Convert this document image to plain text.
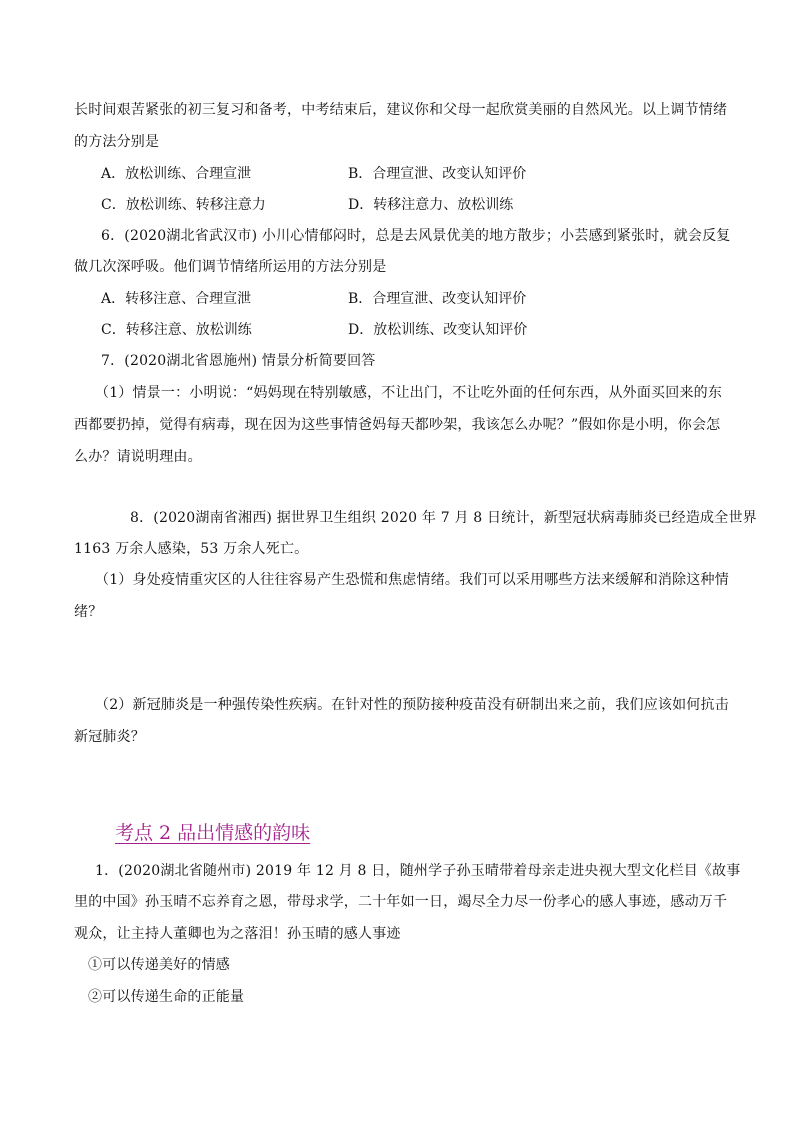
长时间艰苦紧张的初三复习和备考，中考结束后，建议你和父母一起欣赏美丽的自然风光。以上调节情绪
的方法分别是
A．放松训练、合理宣泄	B．合理宣泄、改变认知评价
C．放松训练、转移注意力	D．转移注意力、放松训练
6．(2020湖北省武汉市) 小川心情郁闷时，总是去风景优美的地方散步；小芸感到紧张时，就会反复
做几次深呼吸。他们调节情绪所运用的方法分别是
A．转移注意、合理宣泄	B．合理宣泄、改变认知评价
C．转移注意、放松训练	D．放松训练、改变认知评价
7．(2020湖北省恩施州) 情景分析简要回答
（1）情景一：小明说：“妈妈现在特别敏感，不让出门，不让吃外面的任何东西，从外面买回来的东
西都要扔掉，觉得有病毒，现在因为这些事情爸妈每天都吵架，我该怎么办呢？”假如你是小明，你会怎
么办？请说明理由。
8．(2020湖南省湘西) 据世界卫生组织 2020 年 7 月 8 日统计，新型冠状病毒肺炎已经造成全世界
1163 万余人感染，53 万余人死亡。
（1）身处疫情重灾区的人往往容易产生恐慌和焦虑情绪。我们可以采用哪些方法来缓解和消除这种情
绪？
（2）新冠肺炎是一种强传染性疾病。在针对性的预防接种疫苗没有研制出来之前，我们应该如何抗击
新冠肺炎？
考点 2 品出情感的韵味
1．(2020湖北省随州市) 2019 年 12 月 8 日，随州学子孙玉晴带着母亲走进央视大型文化栏目《故事
里的中国》孙玉晴不忘养育之恩，带母求学，二十年如一日，竭尽全力尽一份孝心的感人事迹，感动万千
观众，让主持人董卿也为之落泪！孙玉晴的感人事迹
①可以传递美好的情感
②可以传递生命的正能量
